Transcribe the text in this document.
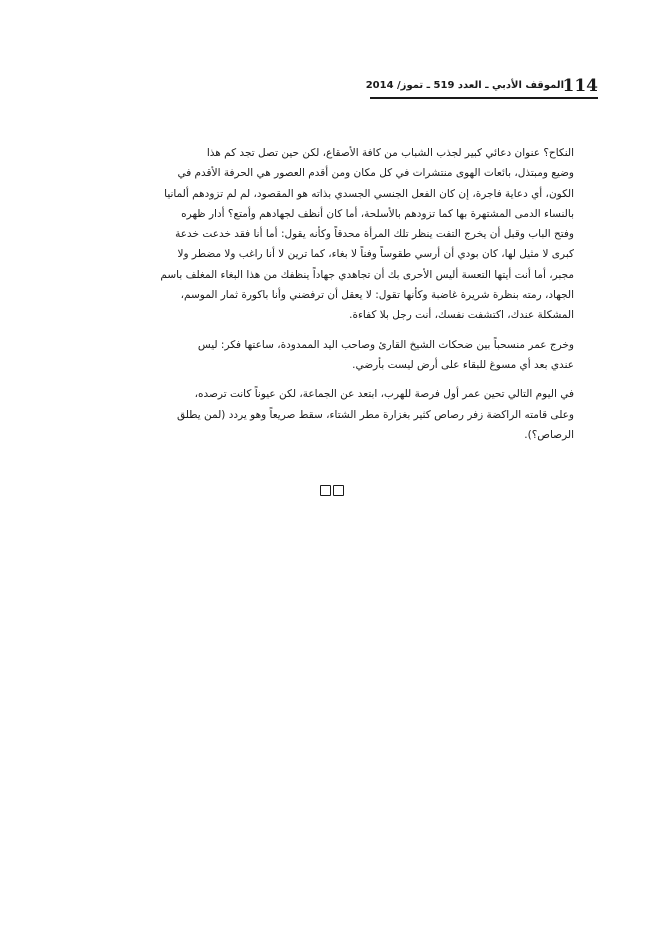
114
الموقف الأدبي ـ العدد 519 ـ تموز/ 2014

النكاح؟ عنوان دعائي كبير لجذب الشباب من كافة الأصقاع، لكن حين تصل تجد كم هذا
وضيع ومبتذل، بائعات الهوى منتشرات في كل مكان ومن أقدم العصور هي الحرفة الأقدم في
الكون، أي دعاية فاجرة، إن كان الفعل الجنسي الجسدي بذاته هو المقصود، لم لم تزودهم ألمانيا
بالنساء الدمى المشتهرة بها كما تزودهم بالأسلحة، أما كان أنظف لجهادهم وأمتع؟ أدار ظهره
وفتح الباب وقبل أن يخرج التفت ينظر تلك المرأة محدقاً وكأنه يقول: أما أنا فقد خدعت خدعة
كبرى لا مثيل لها، كان بودي أن أرسي طقوساً وفناً لا بغاء، كما ترين لا أنا راغب ولا مضطر ولا
مجبر، أما أنت أيتها التعسة أليس الأحرى بك أن تجاهدي جهاداً ينظفك من هذا البغاء المغلف باسم
الجهاد، رمته بنظرة شريرة غاضبة وكأنها تقول: لا يعقل أن ترفضني وأنا باكورة ثمار الموسم،
المشكلة عندك، اكتشفت نفسك، أنت رجل بلا كفاءة.

وخرج عمر منسحباً بين ضحكات الشيخ القارئ وصاحب اليد الممدودة، ساعتها فكر: ليس
عندي بعد أي مسوغ للبقاء على أرض ليست بأرضي.

في اليوم التالي تحين عمر أول فرصة للهرب، ابتعد عن الجماعة، لكن عيوناً كانت ترصده،
وعلى قامته الراكضة زفر رصاص كثير بغزارة مطر الشتاء، سقط صريعاً وهو يردد (لمن يطلق
الرصاص؟).
